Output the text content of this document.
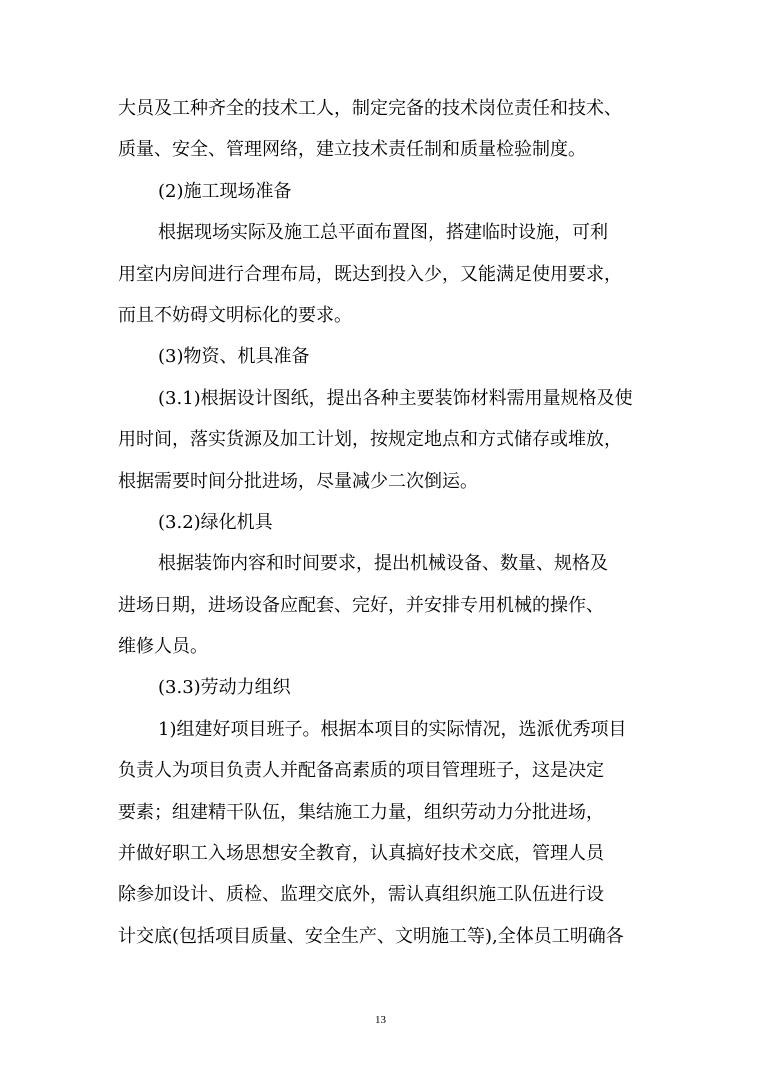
大员及工种齐全的技术工人，制定完备的技术岗位责任和技术、
质量、安全、管理网络，建立技术责任制和质量检验制度。
(2)施工现场准备
根据现场实际及施工总平面布置图，搭建临时设施，可利
用室内房间进行合理布局，既达到投入少，又能满足使用要求，
而且不妨碍文明标化的要求。
(3)物资、机具准备
(3.1)根据设计图纸，提出各种主要装饰材料需用量规格及使
用时间，落实货源及加工计划，按规定地点和方式储存或堆放，
根据需要时间分批进场，尽量减少二次倒运。
(3.2)绿化机具
根据装饰内容和时间要求，提出机械设备、数量、规格及
进场日期，进场设备应配套、完好，并安排专用机械的操作、
维修人员。
(3.3)劳动力组织
1)组建好项目班子。根据本项目的实际情况，选派优秀项目
负责人为项目负责人并配备高素质的项目管理班子，这是决定
要素；组建精干队伍，集结施工力量，组织劳动力分批进场，
并做好职工入场思想安全教育，认真搞好技术交底，管理人员
除参加设计、质检、监理交底外，需认真组织施工队伍进行设
计交底(包括项目质量、安全生产、文明施工等),全体员工明确各
13
